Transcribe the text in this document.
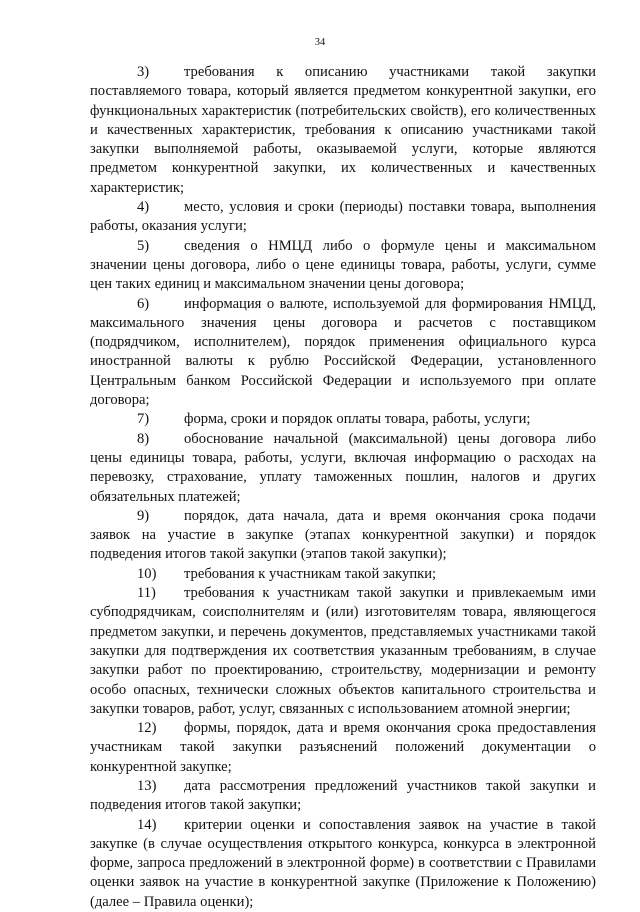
34

3) требования к описанию участниками такой закупки поставляемого товара, который является предметом конкурентной закупки, его функциональных характеристик (потребительских свойств), его количественных и качественных характеристик, требования к описанию участниками такой закупки выполняемой работы, оказываемой услуги, которые являются предметом конкурентной закупки, их количественных и качественных характеристик;

4) место, условия и сроки (периоды) поставки товара, выполнения работы, оказания услуги;

5) сведения о НМЦД либо о формуле цены и максимальном значении цены договора, либо о цене единицы товара, работы, услуги, сумме цен таких единиц и максимальном значении цены договора;

6) информация о валюте, используемой для формирования НМЦД, максимального значения цены договора и расчетов с поставщиком (подрядчиком, исполнителем), порядок применения официального курса иностранной валюты к рублю Российской Федерации, установленного Центральным банком Российской Федерации и используемого при оплате договора;

7) форма, сроки и порядок оплаты товара, работы, услуги;

8) обоснование начальной (максимальной) цены договора либо цены единицы товара, работы, услуги, включая информацию о расходах на перевозку, страхование, уплату таможенных пошлин, налогов и других обязательных платежей;

9) порядок, дата начала, дата и время окончания срока подачи заявок на участие в закупке (этапах конкурентной закупки) и порядок подведения итогов такой закупки (этапов такой закупки);

10) требования к участникам такой закупки;

11) требования к участникам такой закупки и привлекаемым ими субподрядчикам, соисполнителям и (или) изготовителям товара, являющегося предметом закупки, и перечень документов, представляемых участниками такой закупки для подтверждения их соответствия указанным требованиям, в случае закупки работ по проектированию, строительству, модернизации и ремонту особо опасных, технически сложных объектов капитального строительства и закупки товаров, работ, услуг, связанных с использованием атомной энергии;

12) формы, порядок, дата и время окончания срока предоставления участникам такой закупки разъяснений положений документации о конкурентной закупке;

13) дата рассмотрения предложений участников такой закупки и подведения итогов такой закупки;

14) критерии оценки и сопоставления заявок на участие в такой закупке (в случае осуществления открытого конкурса, конкурса в электронной форме, запроса предложений в электронной форме) в соответствии с Правилами оценки заявок на участие в конкурентной закупке (Приложение к Положению) (далее – Правила оценки);
